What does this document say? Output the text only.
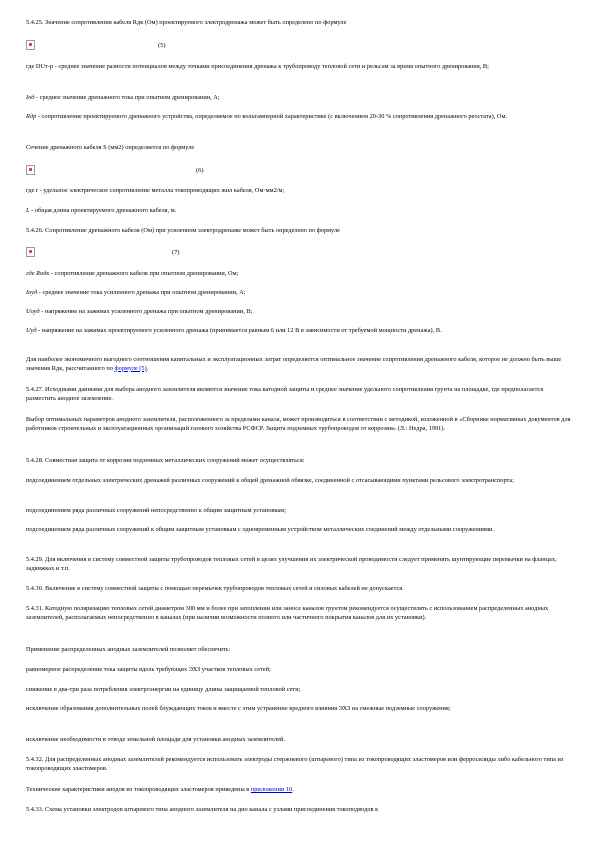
5.4.25. Значение сопротивления кабеля Rдк (Ом) проектируемого электродренажа может быть определено по формуле

(5)

где DUт-р - среднее значение разности потенциалов между точками присоединения дренажа к трубопроводу тепловой сети и рельсам за время опытного дренирования, В;

Iод - среднее значение дренажного тока при опытном дренировании, А;

Rдр - сопротивление проектируемого дренажного устройства, определяемое по вольтамперной характеристике (с включением 20-30 % сопротивления дренажного реостата), Ом.

Сечение дренажного кабеля S (мм2) определяется по формуле

(6)

где r - удельное электрическое сопротивление металла токопроводящих жил кабеля, Ом·мм2/м;

L - общая длина проектируемого дренажного кабеля, м.

5.4.26. Сопротивление дренажного кабеля (Ом) при усиленном электродренаже может быть определено по формуле

(7)

где Rодк - сопротивление дренажного кабеля при опытном дренировании, Ом;

Iоуд - среднее значение тока усиленного дренажа при опытном дренировании, А;

Uоуд - напряжение на зажимах усиленного дренажа при опытном дренировании, В;

Uуд - напряжение на зажимах проектируемого усиленного дренажа (принимается равным 6 или 12 В в зависимости от требуемой мощности дренажа), В.

Для наиболее экономичного выгодного соотношения капитальных и эксплуатационных затрат определяется оптимальное значение сопротивления дренажного кабеля, которое не должно быть выше значения Rдк, рассчитанного по формуле (5).

5.4.27. Исходными данными для выбора анодного заземлителя являются значение тока катодной защиты и среднее значение удельного сопротивления грунта на площадке, где предполагается разместить анодное заземление.

Выбор оптимальных параметров анодного заземлителя, расположенного за пределами канала, может производиться в соответствии с методикой, изложенной в «Сборнике нормативных документов для работников строительных и эксплуатационных организаций газового хозяйства РСФСР. Защита подземных трубопроводов от коррозии» (Л.: Недра, 1991).

5.4.28. Совместная защита от коррозии подземных металлических сооружений может осуществляться:

подсоединением отдельных электрических дренажей различных сооружений к общей дренажной обвязке, соединенной с отсасывающими пунктами рельсового электротранспорта;

подсоединением ряда различных сооружений непосредственно к общим защитным установкам;

подсоединением ряда различных сооружений к общим защитным установкам с одновременным устройством металлических соединений между отдельными сооружениями.

5.4.29. Для включения в систему совместной защиты трубопроводов тепловых сетей в целях улучшения их электрической проводимости следует применять шунтирующие перемычки на фланцах, задвижках и т.п.

5.4.30. Включение в систему совместной защиты с помощью перемычек трубопроводов тепловых сетей и силовых кабелей не допускается.

5.4.31. Катодную поляризацию тепловых сетей диаметром 300 мм и более при затоплении или заносе каналов грунтом рекомендуется осуществлять с использованием распределенных анодных заземлителей, располагаемых непосредственно в каналах (при наличии возможности полного или частичного покрытия каналов для их установки).

Применение распределенных анодных заземлителей позволяет обеспечить:

равномерное распределение тока защиты вдоль требующих ЭХЗ участков тепловых сетей;

снижение в два-три раза потребления электроэнергии на единицу длины защищаемой тепловой сети;

исключение образования дополнительных полей блуждающих токов и вместе с этим устранение вредного влияния ЭХЗ на смежные подземные сооружения;

исключение необходимости в отводе земельной площади для установки анодных заземлителей.

5.4.32. Для распределенных анодных заземлителей рекомендуется использовать электроды стержневого (штыревого) типа из токопроводящих эластомеров или ферросилиды либо кабельного типа из токопроводящих эластомеров.

Технические характеристики анодов из токопроводящих эластомеров приведены в приложении 10.

5.4.33. Схема установки электродов штыревого типа анодного заземлителя на дно канала с узлами присоединения токоподводов к
